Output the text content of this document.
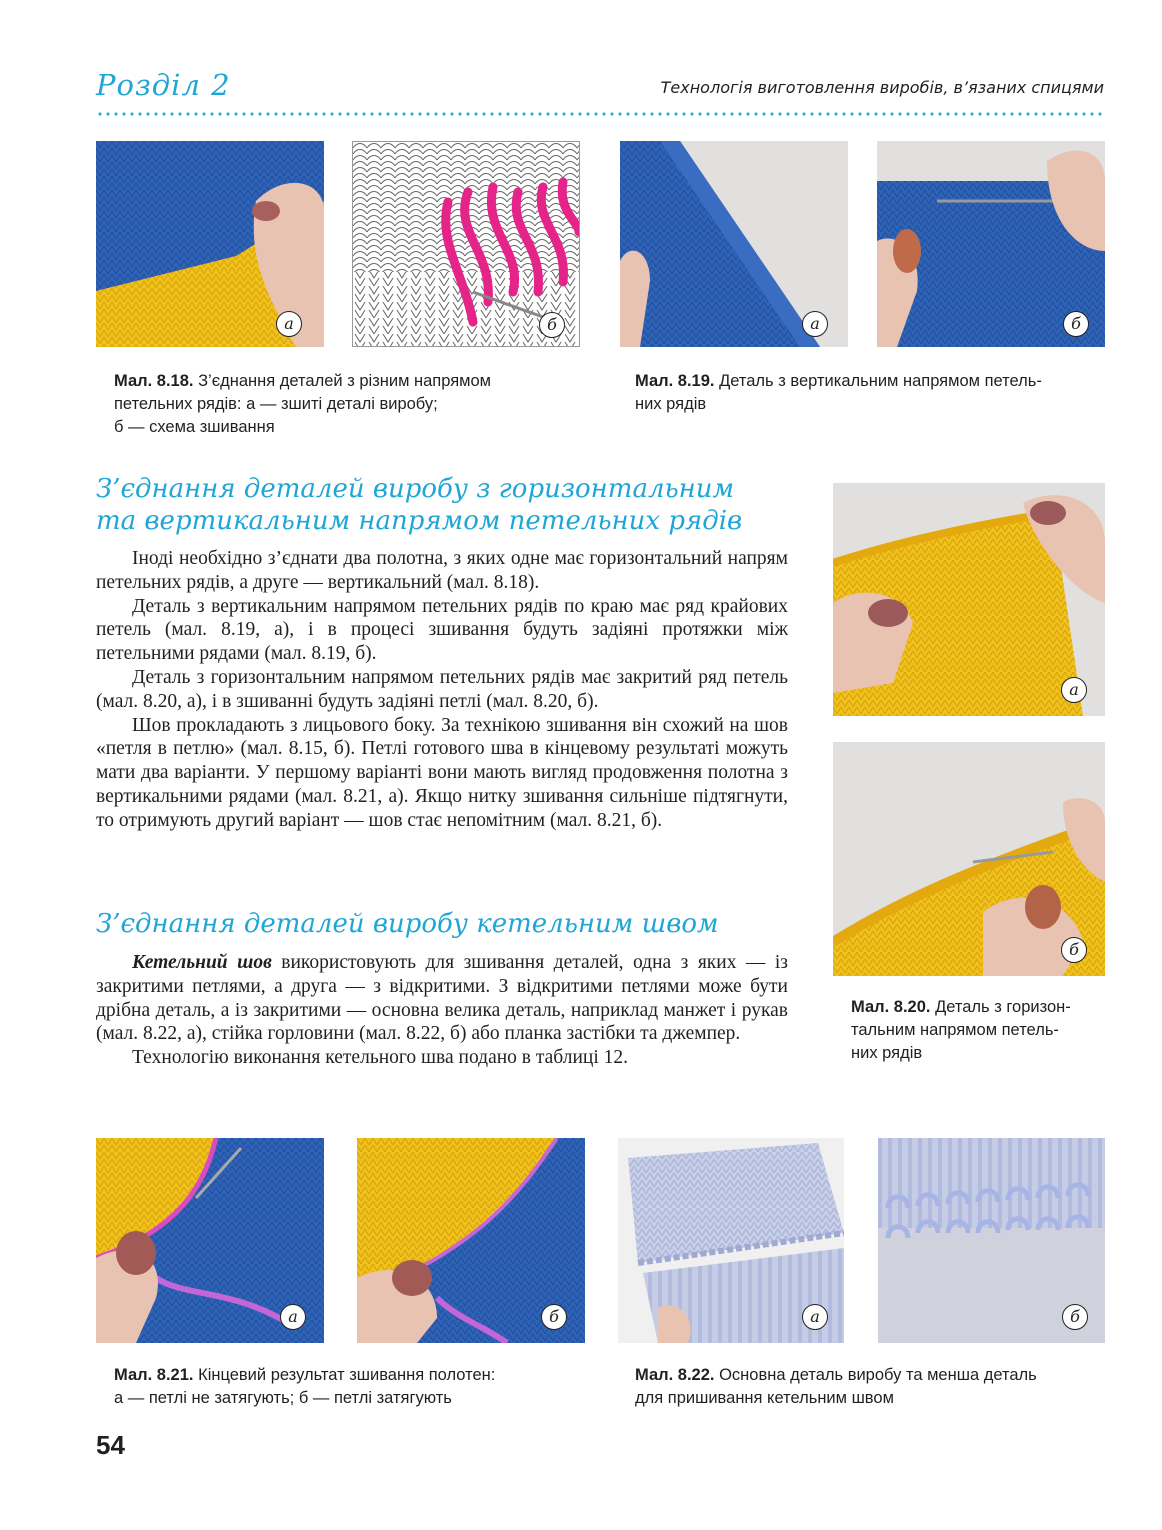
Розділ 2	Технологія виготовлення виробів, в’язаних спицями
а	б	а	б
Мал. 8.18. З’єднання деталей з різним напрямом
петельних рядів: а — зшиті деталі виробу;
б — схема зшивання
Мал. 8.19. Деталь з вертикальним напрямом петель-
них рядів
З’єднання деталей виробу з горизонтальним
та вертикальним напрямом петельних рядів

Іноді необхідно з’єднати два полотна, з яких одне має горизонтальний напрям петельних рядів, а друге — вертикальний (мал. 8.18).

Деталь з вертикальним напрямом петельних рядів по краю має ряд крайових петель (мал. 8.19, а), і в процесі зшивання будуть задіяні протяжки між петельними рядами (мал. 8.19, б).

Деталь з горизонтальним напрямом петельних рядів має закритий ряд петель (мал. 8.20, а), і в зшиванні будуть задіяні петлі (мал. 8.20, б).

Шов прокладають з лицьового боку. За технікою зшивання він схожий на шов «петля в петлю» (мал. 8.15, б). Петлі готового шва в кінцевому результаті можуть мати два варіанти. У першому варіанті вони мають вигляд продовження полотна з вертикальними рядами (мал. 8.21, а). Якщо нитку зшивання сильніше підтягнути, то отримують другий варіант — шов стає непомітним (мал. 8.21, б).

а
б
Мал. 8.20. Деталь з горизон-
тальним напрямом петель-
них рядів
З’єднання деталей виробу кетельним швом

Кетельний шов використовують для зшивання деталей, одна з яких — із закритими петлями, а друга — з відкритими. З відкритими петлями може бути дрібна деталь, а із закритими — основна велика деталь, наприклад манжет і рукав (мал. 8.22, а), стійка горловини (мал. 8.22, б) або планка застібки та джемпер.

Технологію виконання кетельного шва подано в таблиці 12.

а	б	а	б
Мал. 8.21. Кінцевий результат зшивання полотен:
а — петлі не затягують; б — петлі затягують
Мал. 8.22. Основна деталь виробу та менша деталь
для пришивання кетельним швом
54
